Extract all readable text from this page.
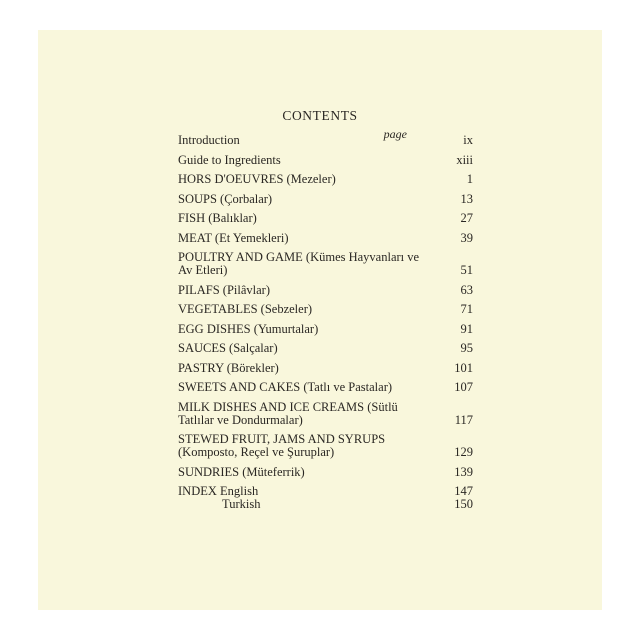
CONTENTS
page
Introduction	ix
Guide to Ingredients	xiii
HORS D'OEUVRES (Mezeler)	1
SOUPS (Çorbalar)	13
FISH (Balıklar)	27
MEAT (Et Yemekleri)	39
POULTRY AND GAME (Kümes Hayvanları ve Av Etleri)	51
PILAFS (Pilâvlar)	63
VEGETABLES (Sebzeler)	71
EGG DISHES (Yumurtalar)	91
SAUCES (Salçalar)	95
PASTRY (Börekler)	101
SWEETS AND CAKES (Tatlı ve Pastalar)	107
MILK DISHES AND ICE CREAMS (Sütlü Tatlılar ve Dondurmalar)	117
STEWED FRUIT, JAMS AND SYRUPS (Komposto, Reçel ve Şuruplar)	129
SUNDRIES (Müteferrik)	139
INDEX English	147
Turkish	150
